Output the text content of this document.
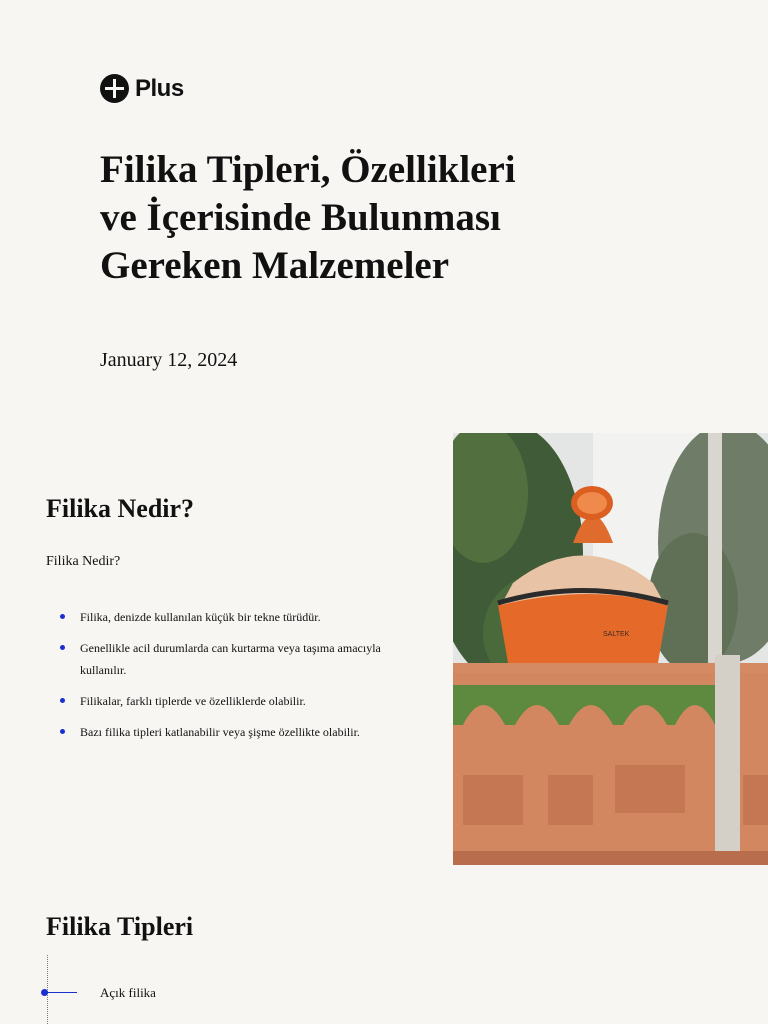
Plus
Filika Tipleri, Özellikleri ve İçerisinde Bulunması Gereken Malzemeler
January 12, 2024
SALTEK
Filika Nedir?
Filika Nedir?
Filika, denizde kullanılan küçük bir tekne türüdür.
Genellikle acil durumlarda can kurtarma veya taşıma amacıyla kullanılır.
Filikalar, farklı tiplerde ve özelliklerde olabilir.
Bazı filika tipleri katlanabilir veya şişme özellikte olabilir.
Filika Tipleri
Açık filika
